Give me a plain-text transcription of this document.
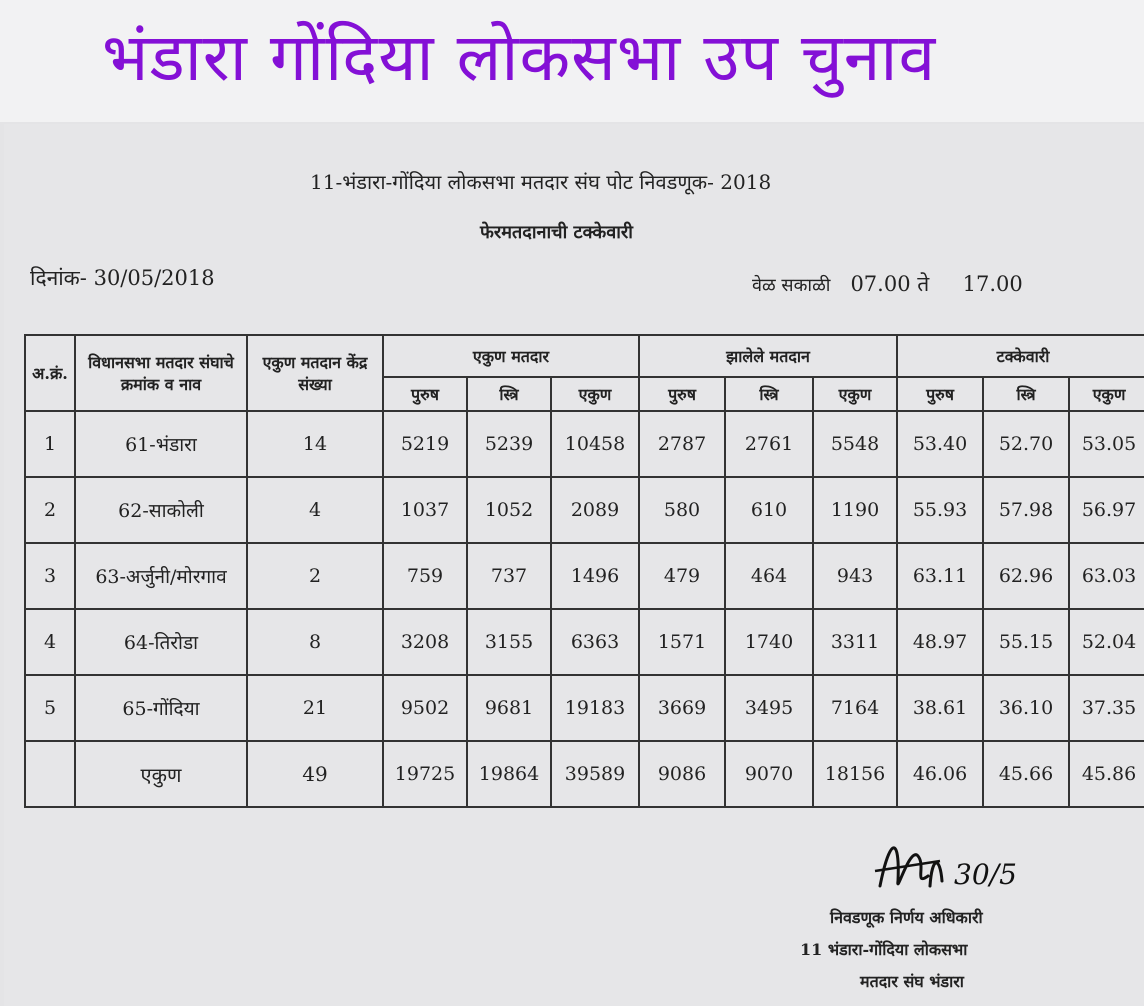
भंडारा गोंदिया लोकसभा उप चुनाव
11-भंडारा-गोंदिया लोकसभा मतदार संघ पोट निवडणूक- 2018
फेरमतदानाची टक्केवारी
दिनांक- 30/05/2018	वेळ सकाळी 07.00 ते 17.00
अ.क्रं.	विधानसभा मतदार संघाचे क्रमांक व नाव	एकुण मतदान केंद्र संख्या	एकुण मतदार			झालेले मतदान			टक्केवारी		
			पुरुष	स्त्रि	एकुण	पुरुष	स्त्रि	एकुण	पुरुष	स्त्रि	एकुण
1	61-भंडारा	14	5219	5239	10458	2787	2761	5548	53.40	52.70	53.05
2	62-साकोली	4	1037	1052	2089	580	610	1190	55.93	57.98	56.97
3	63-अर्जुनी/मोरगाव	2	759	737	1496	479	464	943	63.11	62.96	63.03
4	64-तिरोडा	8	3208	3155	6363	1571	1740	3311	48.97	55.15	52.04
5	65-गोंदिया	21	9502	9681	19183	3669	3495	7164	38.61	36.10	37.35
	एकुण	49	19725	19864	39589	9086	9070	18156	46.06	45.66	45.86
30/5
निवडणूक निर्णय अधिकारी
11 भंडारा-गोंदिया लोकसभा
मतदार संघ भंडारा
